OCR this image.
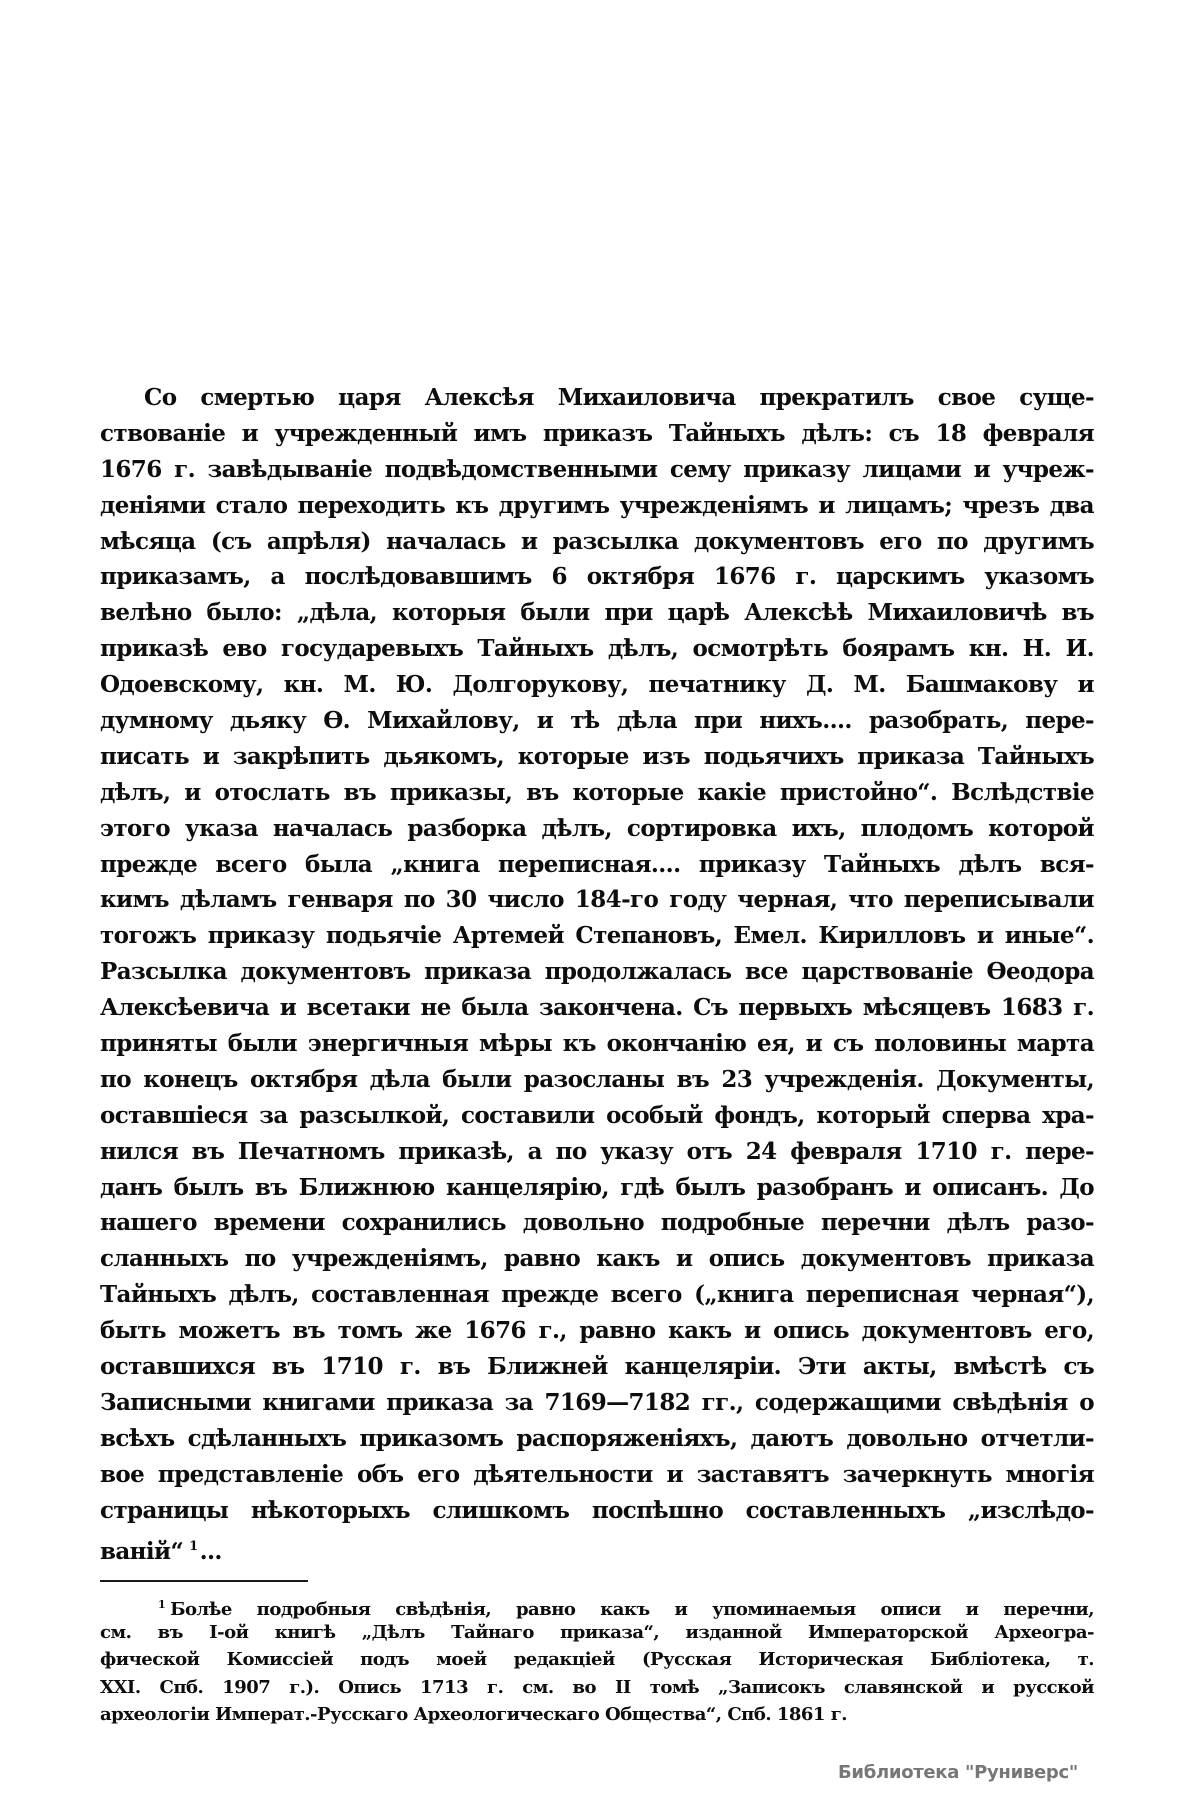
Со смертью царя Алексѣя Михаиловича прекратилъ свое суще-
ствованiе и учрежденный имъ приказъ Тайныхъ дѣлъ: съ 18 февраля
1676 г. завѣдыванiе подвѣдомственными сему приказу лицами и учреж-
денiями стало переходить къ другимъ учрежденiямъ и лицамъ; чрезъ два
мѣсяца (съ апрѣля) началась и разсылка документовъ его по другимъ
приказамъ, а послѣдовавшимъ 6 октября 1676 г. царскимъ указомъ
велѣно было: „дѣла, которыя были при царѣ Алексѣѣ Михаиловичѣ въ
приказѣ ево государевыхъ Тайныхъ дѣлъ, осмотрѣть боярамъ кн. Н. И.
Одоевскому, кн. М. Ю. Долгорукову, печатнику Д. М. Башмакову и
думному дьяку Ө. Михайлову, и тѣ дѣла при нихъ.... разобрать, пере-
писать и закрѣпить дьякомъ, которые изъ подьячихъ приказа Тайныхъ
дѣлъ, и отослать въ приказы, въ которые какiе пристойно“. Вслѣдствiе
этого указа началась разборка дѣлъ, сортировка ихъ, плодомъ которой
прежде всего была „книга переписная.... приказу Тайныхъ дѣлъ вся-
кимъ дѣламъ генваря по 30 число 184-го году черная, что переписывали
тогожъ приказу подьячiе Артемей Степановъ, Емел. Кирилловъ и иные“.
Разсылка документовъ приказа продолжалась все царствованiе Өеодора
Алексѣевича и всетаки не была закончена. Съ первыхъ мѣсяцевъ 1683 г.
приняты были энергичныя мѣры къ окончанiю ея, и съ половины марта
по конецъ октября дѣла были разосланы въ 23 учрежденiя. Документы,
оставшiеся за разсылкой, составили особый фондъ, который сперва хра-
нился въ Печатномъ приказѣ, а по указу отъ 24 февраля 1710 г. пере-
данъ былъ въ Ближнюю канцелярiю, гдѣ былъ разобранъ и описанъ. До
нашего времени сохранились довольно подробные перечни дѣлъ разо-
сланныхъ по учрежденiямъ, равно какъ и опись документовъ приказа
Тайныхъ дѣлъ, составленная прежде всего („книга переписная черная“),
быть можетъ въ томъ же 1676 г., равно какъ и опись документовъ его,
оставшихся въ 1710 г. въ Ближней канцелярiи. Эти акты, вмѣстѣ съ
Записными книгами приказа за 7169—7182 гг., содержащими свѣдѣнiя о
всѣхъ сдѣланныхъ приказомъ распоряженiяхъ, даютъ довольно отчетли-
вое представленiе объ его дѣятельности и заставятъ зачеркнуть многiя
страницы нѣкоторыхъ слишкомъ поспѣшно составленныхъ „изслѣдо-
ванiй“ $^1$...
$^1$ Болѣе подробныя свѣдѣнiя, равно какъ и упоминаемыя описи и перечни,
см. въ I-ой книгѣ „Дѣлъ Тайнаго приказа“, изданной Императорской Археогра-
фической Комиссiей подъ моей редакцiей (Русская Историческая Библiотека, т.
XXI. Спб. 1907 г.). Опись 1713 г. см. во II томѣ „Записокъ славянской и русской
археологiи Императ.-Русскаго Археологическаго Общества“, Спб. 1861 г.
Библиотека "Руниверс"
